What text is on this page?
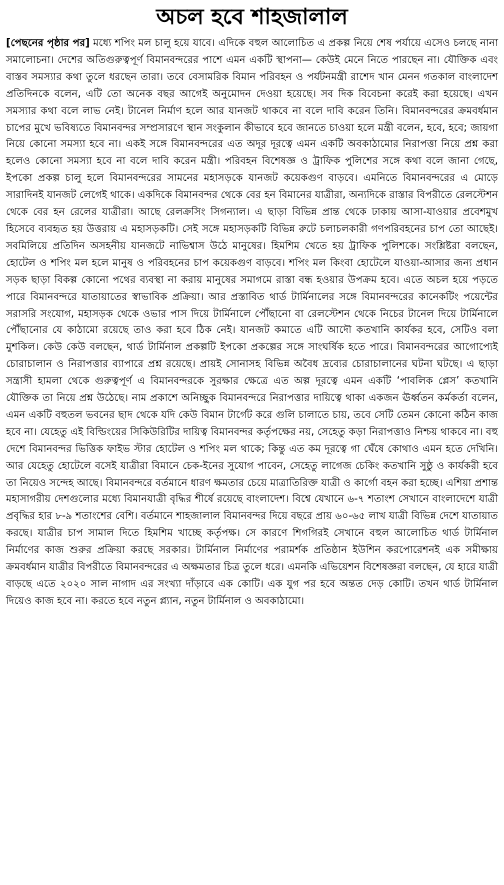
অচল হবে শাহজালাল
[পেছনের পৃষ্ঠার পর] মধ্যে শপিং মল চালু হয়ে যাবে। এদিকে বহুল আলোচিত এ প্রকল্প নিয়ে শেষ পর্যায়ে এসেও চলছে নানা সমালোচনা। দেশের অতিগুরুত্বপূর্ণ বিমানবন্দরের পাশে এমন একটি স্থাপনা— কেউই মেনে নিতে পারছেন না। যৌক্তিক এবং বাস্তব সমস্যার কথা তুলে ধরছেন তারা। তবে বেসামরিক বিমান পরিবহন ও পর্যটনমন্ত্রী রাশেদ খান মেনন গতকাল বাংলাদেশ প্রতিদিনকে বলেন, এটি তো অনেক বছর আগেই অনুমোদন দেওয়া হয়েছে। সব দিক বিবেচনা করেই করা হয়েছে। এখন সমস্যার কথা বলে লাভ নেই। টানেল নির্মাণ হলে আর যানজট থাকবে না বলে দাবি করেন তিনি। বিমানবন্দরের ক্রমবর্ধমান চাপের মুখে ভবিষ্যতে বিমানবন্দর সম্প্রসারণে স্থান সংকুলান কীভাবে হবে জানতে চাওয়া হলে মন্ত্রী বলেন, হবে, হবে; জায়গা নিয়ে কোনো সমস্যা হবে না। একই সঙ্গে বিমানবন্দরের এত অদূর দূরত্বে এমন একটি অবকাঠামোর নিরাপত্তা নিয়ে প্রশ্ন করা হলেও কোনো সমস্যা হবে না বলে দাবি করেন মন্ত্রী। পরিবহন বিশেষজ্ঞ ও ট্রাফিক পুলিশের সঙ্গে কথা বলে জানা গেছে, ইপকো প্রকল্প চালু হলে বিমানবন্দরের সামনের মহাসড়কে যানজট কয়েকগুণ বাড়বে। এমনিতে বিমানবন্দরের এ মোড়ে সারাদিনই যানজট লেগেই থাকে। একদিকে বিমানবন্দর থেকে বের হন বিমানের যাত্রীরা, অন্যদিকে রাস্তার বিপরীতে রেলস্টেশন থেকে বের হন রেলের যাত্রীরা। আছে রেলক্রসিং সিগন্যাল। এ ছাড়া বিভিন্ন প্রান্ত থেকে ঢাকায় আসা-যাওয়ার প্রবেশমুখ হিসেবে ব্যবহৃত হয় উত্তরায় এ মহাসড়কটি। সেই সঙ্গে মহাসড়কটি বিভিন্ন রুটে চলাচলকারী গণপরিবহনের চাপ তো আছেই। সবমিলিয়ে প্রতিদিন অসহনীয় যানজটে নাভিশ্বাস উঠে মানুষের। হিমশিম খেতে হয় ট্রাফিক পুলিশকে। সংশ্লিষ্টরা বলছেন, হোটেল ও শপিং মল হলে মানুষ ও পরিবহনের চাপ কয়েকগুণ বাড়বে। শপিং মল কিংবা হোটেলে যাওয়া-আসার জন্য প্রধান সড়ক ছাড়া বিকল্প কোনো পথের ব্যবস্থা না করায় মানুষের সমাগমে রাস্তা বন্ধ হওয়ার উপক্রম হবে। এতে অচল হয়ে পড়তে পারে বিমানবন্দরে যাতায়াতের স্বাভাবিক প্রক্রিয়া। আর প্রস্তাবিত থার্ড টার্মিনালের সঙ্গে বিমানবন্দরের কানেকটিং পয়েন্টের সরাসরি সংযোগ, মহাসড়ক থেকে ওভার পাস দিয়ে টার্মিনালে পৌঁছানো বা রেলস্টেশন থেকে নিচের টানেল দিয়ে টার্মিনালে পৌঁছানোর যে কাঠামো রয়েছে তাও করা হবে ঠিক নেই। যানজট কমাতে এটি আদৌ কতখানি কার্যকর হবে, সেটিও বলা মুশকিল। কেউ কেউ বলছেন, থার্ড টার্মিনাল প্রকল্পটি ইপকো প্রকল্পের সঙ্গে সাংঘর্ষিক হতে পারে। বিমানবন্দরের আগোপ্যেই চোরাচালান ও নিরাপত্তার ব্যাপারে প্রশ্ন রয়েছে। প্রায়ই সোনাসহ বিভিন্ন অবৈধ দ্রব্যের চোরাচালানের ঘটনা ঘটছে। এ ছাড়া সন্ত্রাসী হামলা থেকে গুরুত্বপূর্ণ এ বিমানবন্দরকে সুরক্ষার ক্ষেত্রে এত অল্প দূরত্বে এমন একটি ‘পাবলিক প্লেস’ কতখানি যৌক্তিক তা নিয়ে প্রশ্ন উঠেছে। নাম প্রকাশে অনিচ্ছুক বিমানবন্দরে নিরাপত্তার দায়িত্বে থাকা একজন ঊর্ধ্বতন কর্মকর্তা বলেন, এমন একটি বহুতল ভবনের ছাদ থেকে যদি কেউ বিমান টার্গেট করে গুলি চালাতে চায়, তবে সেটি তেমন কোনো কঠিন কাজ হবে না। যেহেতু এই বিল্ডিংয়ের সিকিউরিটির দায়িত্ব বিমানবন্দর কর্তৃপক্ষের নয়, সেহেতু কড়া নিরাপত্তাও নিশ্চয় থাকবে না। বহু দেশে বিমানবন্দর ভিত্তিক ফাইভ স্টার হোটেল ও শপিং মল থাকে; কিন্তু এত কম দূরত্বে গা ঘেঁষে কোথাও এমন হতে দেখিনি। আর যেহেতু হোটেলে বসেই যাত্রীরা বিমানে চেক-ইনের সুযোগ পাবেন, সেহেতু লাগেজ চেকিং কতখানি সুষ্ঠু ও কার্যকরী হবে তা নিয়েও সন্দেহ আছে। বিমানবন্দরে বর্তমানে ধারণ ক্ষমতার চেয়ে মাত্রাতিরিক্ত যাত্রী ও কার্গো বহন করা হচ্ছে। এশিয়া প্রশান্ত মহাসাগরীয় দেশগুলোর মধ্যে বিমানযাত্রী বৃদ্ধির শীর্ষে রয়েছে বাংলাদেশ। বিশ্বে যেখানে ৬-৭ শতাংশ সেখানে বাংলাদেশে যাত্রী প্রবৃদ্ধির হার ৮-৯ শতাংশের বেশি। বর্তমানে শাহজালাল বিমানবন্দর দিয়ে বছরে প্রায় ৬০-৬৫ লাখ যাত্রী বিভিন্ন দেশে যাতায়াত করছে। যাত্রীর চাপ সামাল দিতে হিমশিম খাচ্ছে কর্তৃপক্ষ। সে কারণে শিগগিরই সেখানে বহুল আলোচিত থার্ড টার্মিনাল নির্মাণের কাজ শুরুর প্রক্রিয়া করছে সরকার। টার্মিনাল নির্মাণের পরামর্শক প্রতিষ্ঠান ইউশিন করপোরেশনই এক সমীক্ষায় ক্রমবর্ধমান যাত্রীর বিপরীতে বিমানবন্দরের এ অক্ষমতার চিত্র তুলে ধরে। এমনকি এভিয়েশন বিশেষজ্ঞরা বলছেন, যে হারে যাত্রী বাড়ছে এতে ২০২০ সাল নাগাদ এর সংখ্যা দাঁড়াবে এক কোটি। এক যুগ পর হবে অন্তত দেড় কোটি। তখন থার্ড টার্মিনাল দিয়েও কাজ হবে না। করতে হবে নতুন প্ল্যান, নতুন টার্মিনাল ও অবকাঠামো।
